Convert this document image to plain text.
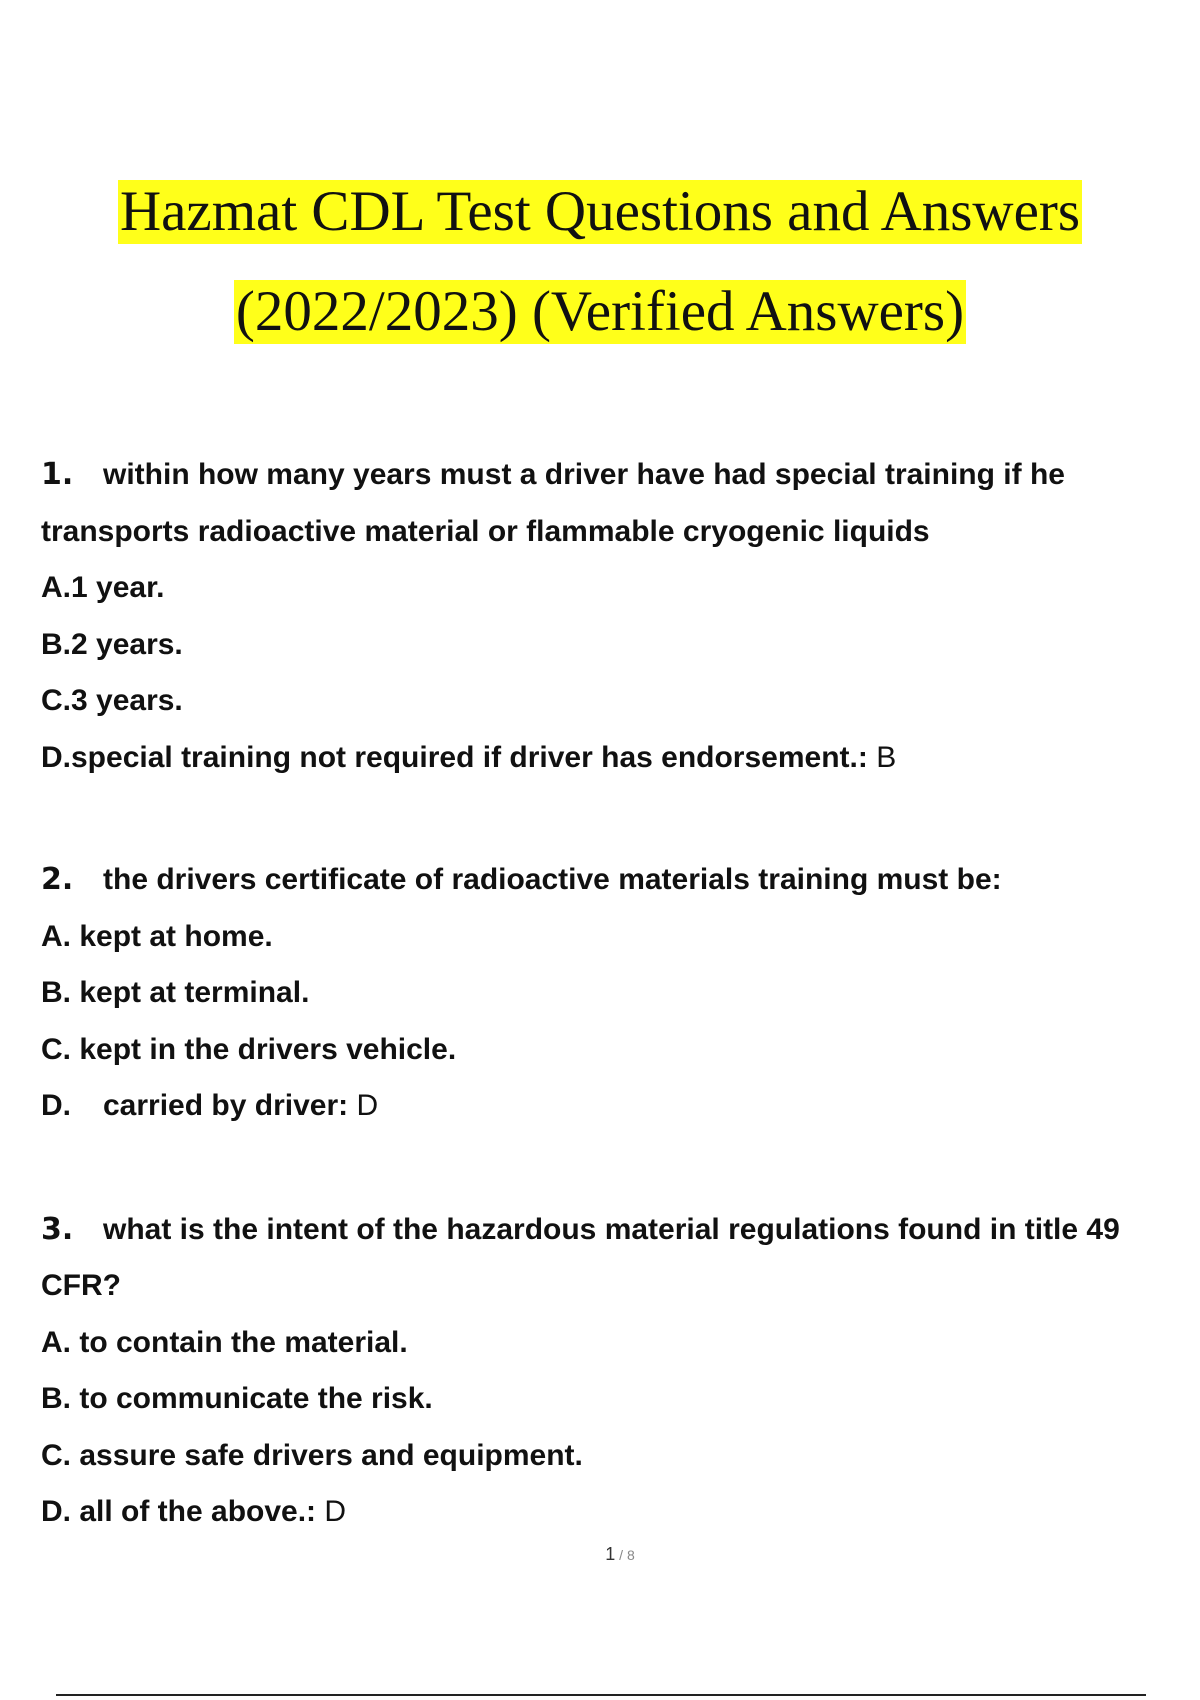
Hazmat CDL Test Questions and Answers
(2022/2023) (Verified Answers)

1. within how many years must a driver have had special training if he transports radioactive material or flammable cryogenic liquids

A.1 year.

B.2 years.

C.3 years.

D.special training not required if driver has endorsement.: B

2. the drivers certificate of radioactive materials training must be:

A. kept at home.

B. kept at terminal.

C. kept in the drivers vehicle.

D. carried by driver: D

3. what is the intent of the hazardous material regulations found in title 49 CFR?

A. to contain the material.

B. to communicate the risk.

C. assure safe drivers and equipment.

D. all of the above.: D

1 / 8
